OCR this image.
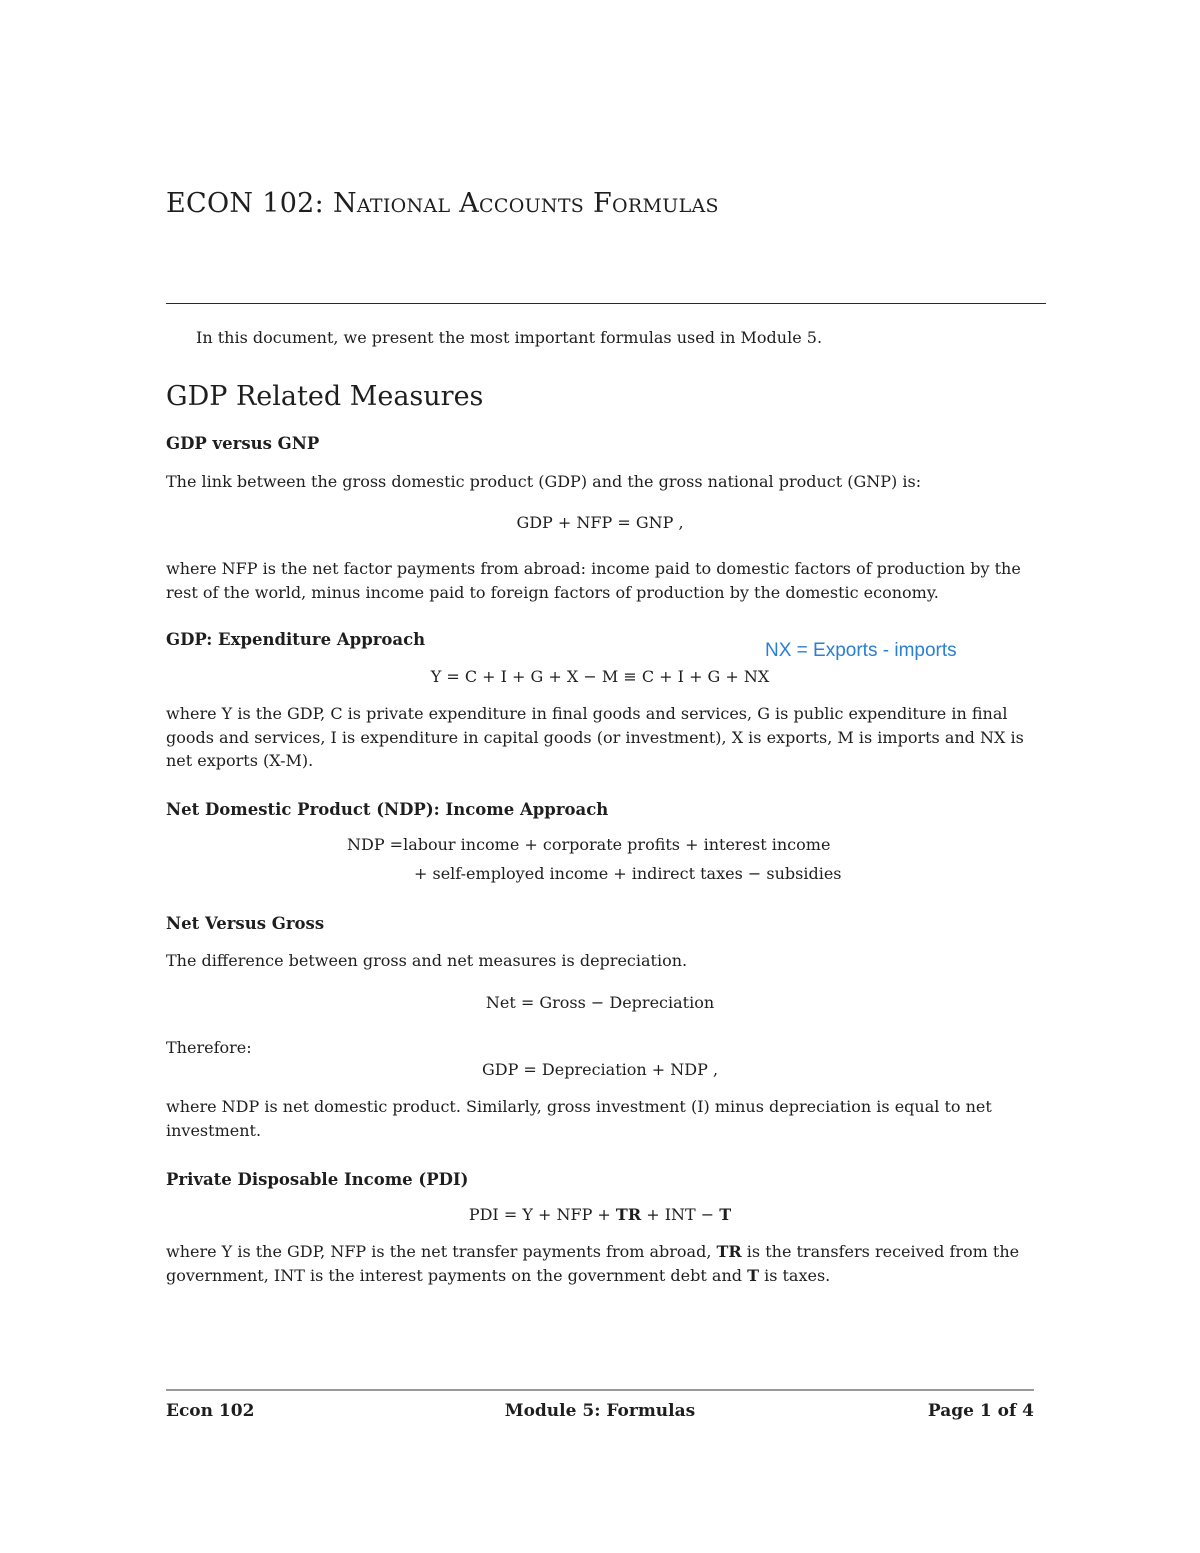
ECON 102: National Accounts Formulas
In this document, we present the most important formulas used in Module 5.
GDP Related Measures
GDP versus GNP
The link between the gross domestic product (GDP) and the gross national product (GNP) is:
GDP + NFP = GNP ,
where NFP is the net factor payments from abroad: income paid to domestic factors of production by the rest of the world, minus income paid to foreign factors of production by the domestic economy.
GDP: Expenditure Approach
NX = Exports - imports
Y = C + I + G + X − M ≡ C + I + G + NX
where Y is the GDP, C is private expenditure in final goods and services, G is public expenditure in final goods and services, I is expenditure in capital goods (or investment), X is exports, M is imports and NX is net exports (X-M).
Net Domestic Product (NDP): Income Approach
NDP =labour income + corporate profits + interest income
+ self-employed income + indirect taxes − subsidies
Net Versus Gross
The difference between gross and net measures is depreciation.
Net = Gross − Depreciation
Therefore:
GDP = Depreciation + NDP ,
where NDP is net domestic product. Similarly, gross investment (I) minus depreciation is equal to net investment.
Private Disposable Income (PDI)
PDI = Y + NFP + TR + INT − T
where Y is the GDP, NFP is the net transfer payments from abroad, TR is the transfers received from the government, INT is the interest payments on the government debt and T is taxes.
Econ 102	Module 5: Formulas	Page 1 of 4
